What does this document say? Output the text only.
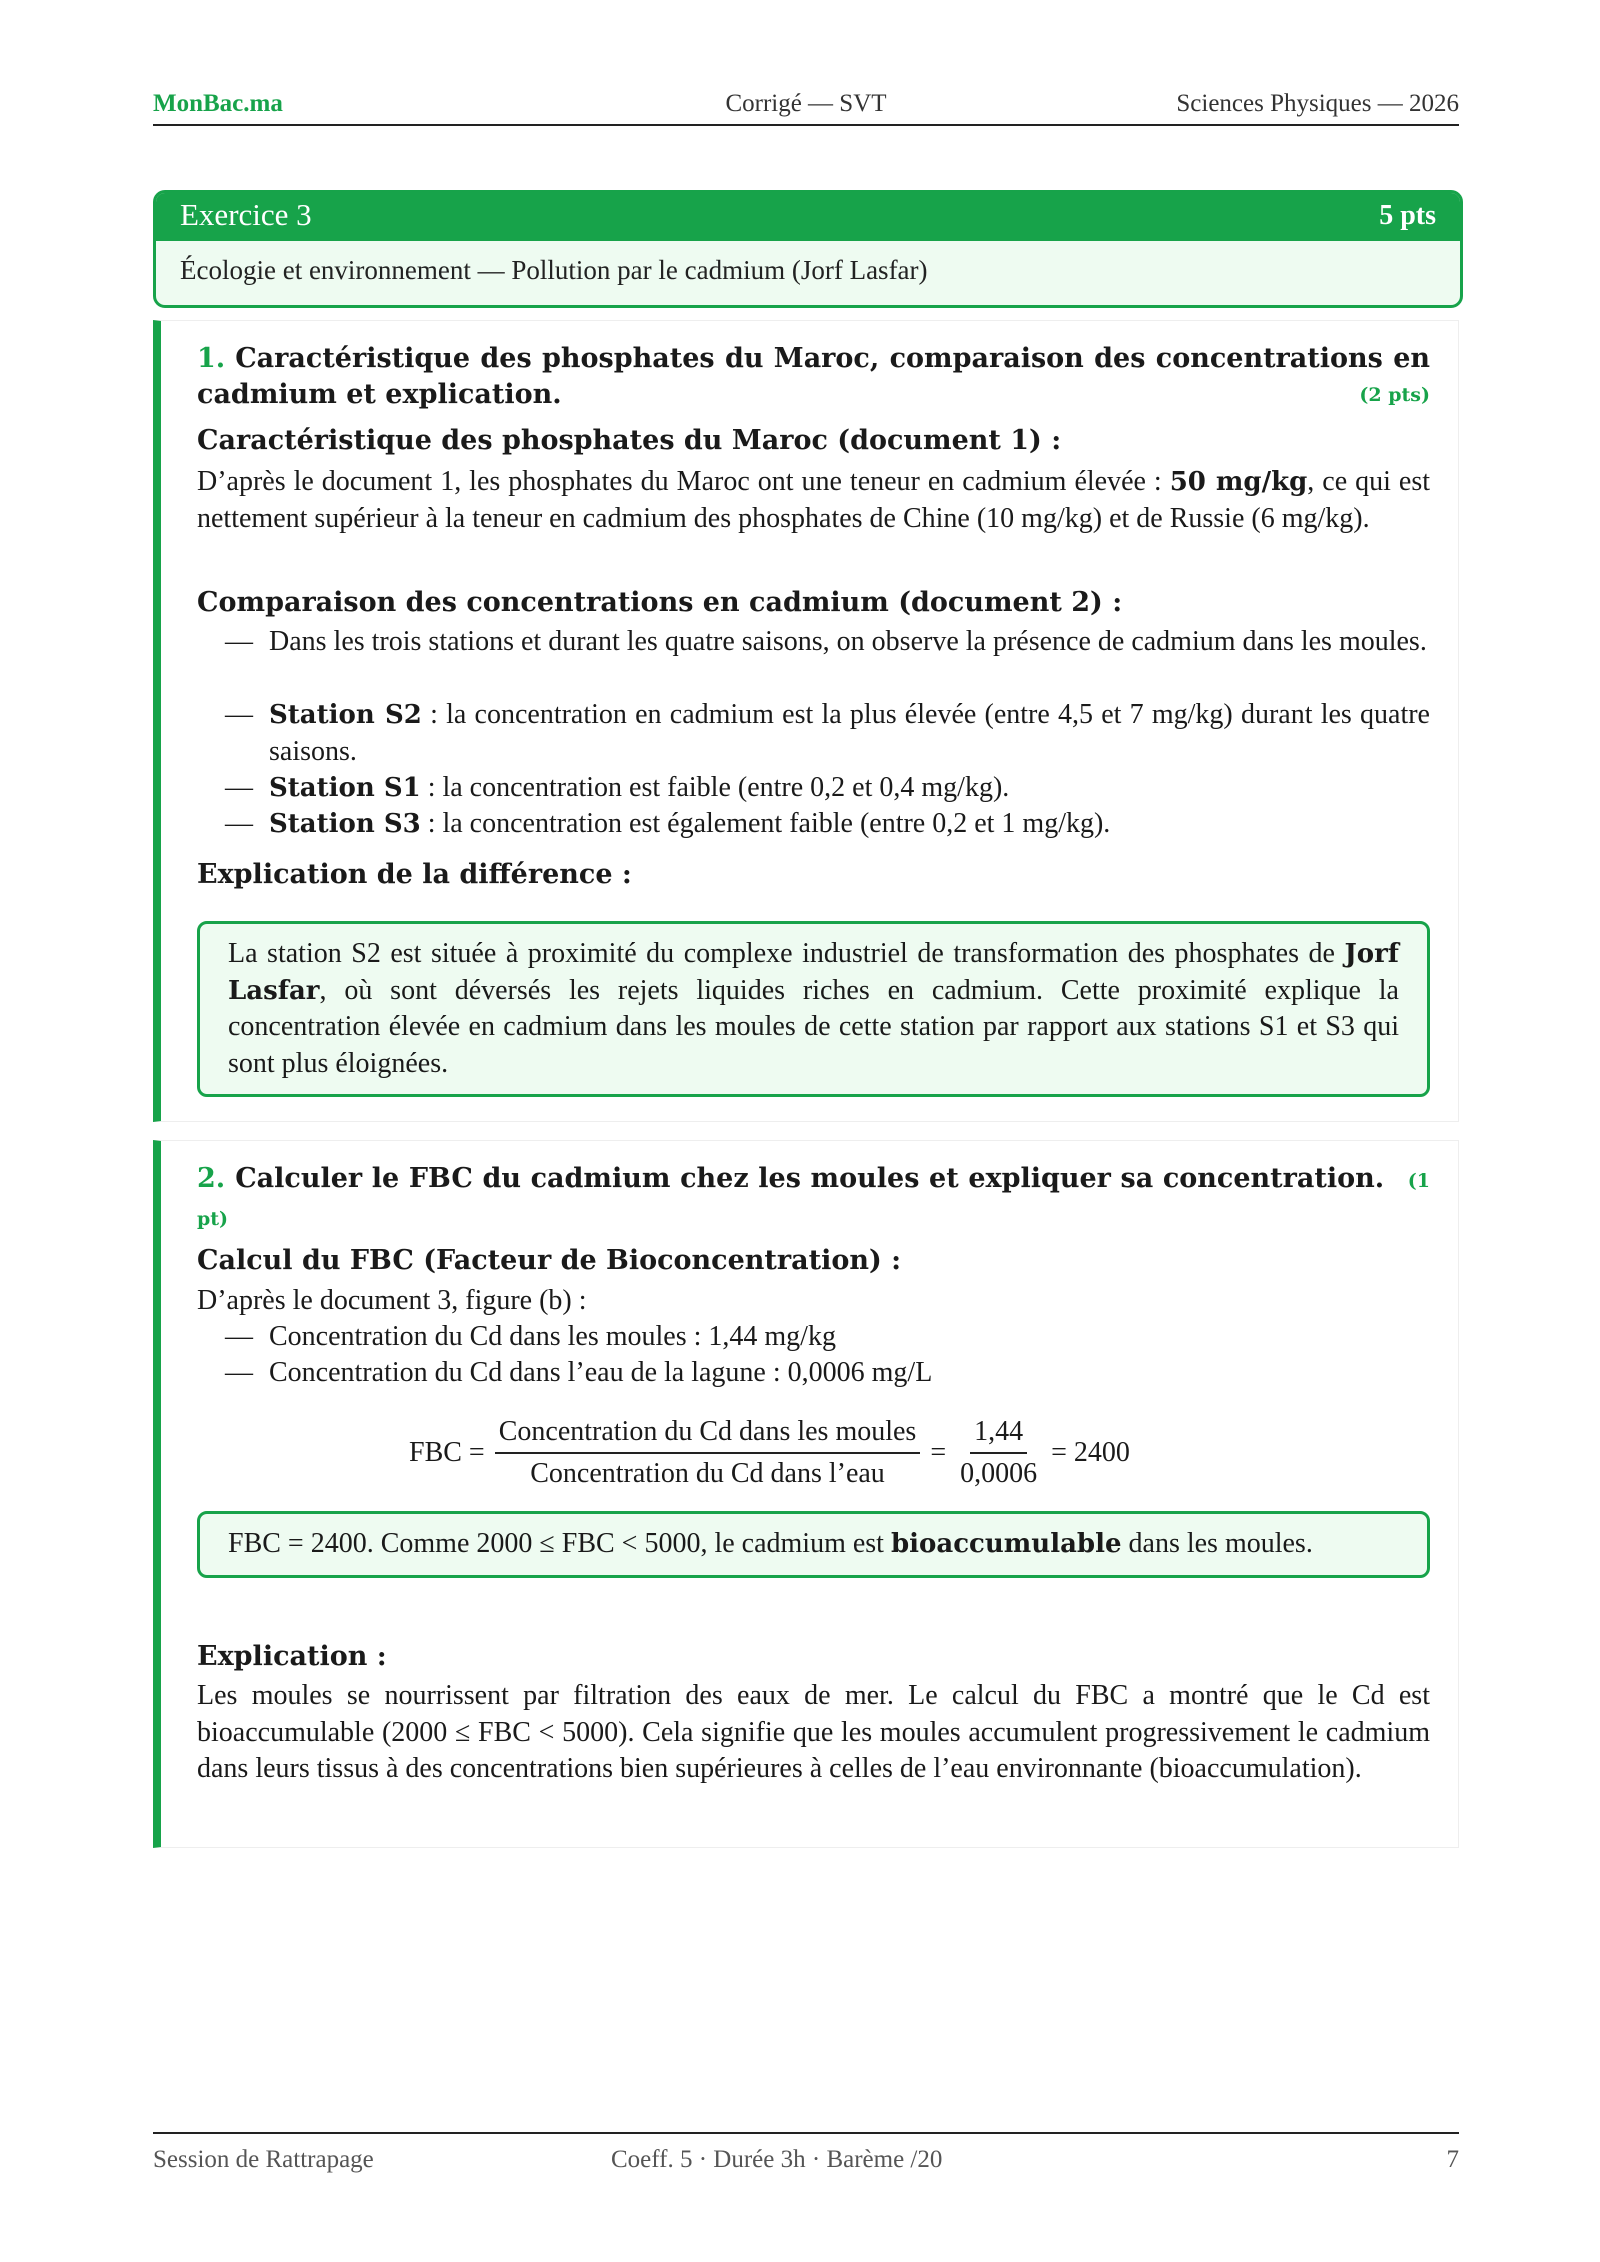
MonBac.ma	Corrigé — SVT	Sciences Physiques — 2026
Exercice 3	5 pts
Écologie et environnement — Pollution par le cadmium (Jorf Lasfar)
1. Caractéristique des phosphates du Maroc, comparaison des concentrations en cadmium et explication.	(2 pts)
Caractéristique des phosphates du Maroc (document 1) :
D’après le document 1, les phosphates du Maroc ont une teneur en cadmium élevée : 50 mg/kg, ce qui est nettement supérieur à la teneur en cadmium des phosphates de Chine (10 mg/kg) et de Russie (6 mg/kg).
Comparaison des concentrations en cadmium (document 2) :
— Dans les trois stations et durant les quatre saisons, on observe la présence de cadmium dans les moules.
— Station S2 : la concentration en cadmium est la plus élevée (entre 4,5 et 7 mg/kg) durant les quatre saisons.
— Station S1 : la concentration est faible (entre 0,2 et 0,4 mg/kg).
— Station S3 : la concentration est également faible (entre 0,2 et 1 mg/kg).
Explication de la différence :
La station S2 est située à proximité du complexe industriel de transformation des phosphates de Jorf Lasfar, où sont déversés les rejets liquides riches en cadmium. Cette proximité explique la concentration élevée en cadmium dans les moules de cette station par rapport aux stations S1 et S3 qui sont plus éloignées.
2. Calculer le FBC du cadmium chez les moules et expliquer sa concentration. (1 pt)
Calcul du FBC (Facteur de Bioconcentration) :
D’après le document 3, figure (b) :
— Concentration du Cd dans les moules : 1,44 mg/kg
— Concentration du Cd dans l’eau de la lagune : 0,0006 mg/L
FBC = $\frac{\text{Concentration du Cd dans les moules}}{\text{Concentration du Cd dans l’eau}} = \frac{1,44}{0,0006} = 2400$
FBC = 2400. Comme 2000 ≤ FBC < 5000, le cadmium est bioaccumulable dans les moules.
Explication :
Les moules se nourrissent par filtration des eaux de mer. Le calcul du FBC a montré que le Cd est bioaccumulable (2000 ≤ FBC < 5000). Cela signifie que les moules accumulent progressivement le cadmium dans leurs tissus à des concentrations bien supérieures à celles de l’eau environnante (bioaccumulation).
Session de Rattrapage	Coeff. 5 · Durée 3h · Barème /20	7
